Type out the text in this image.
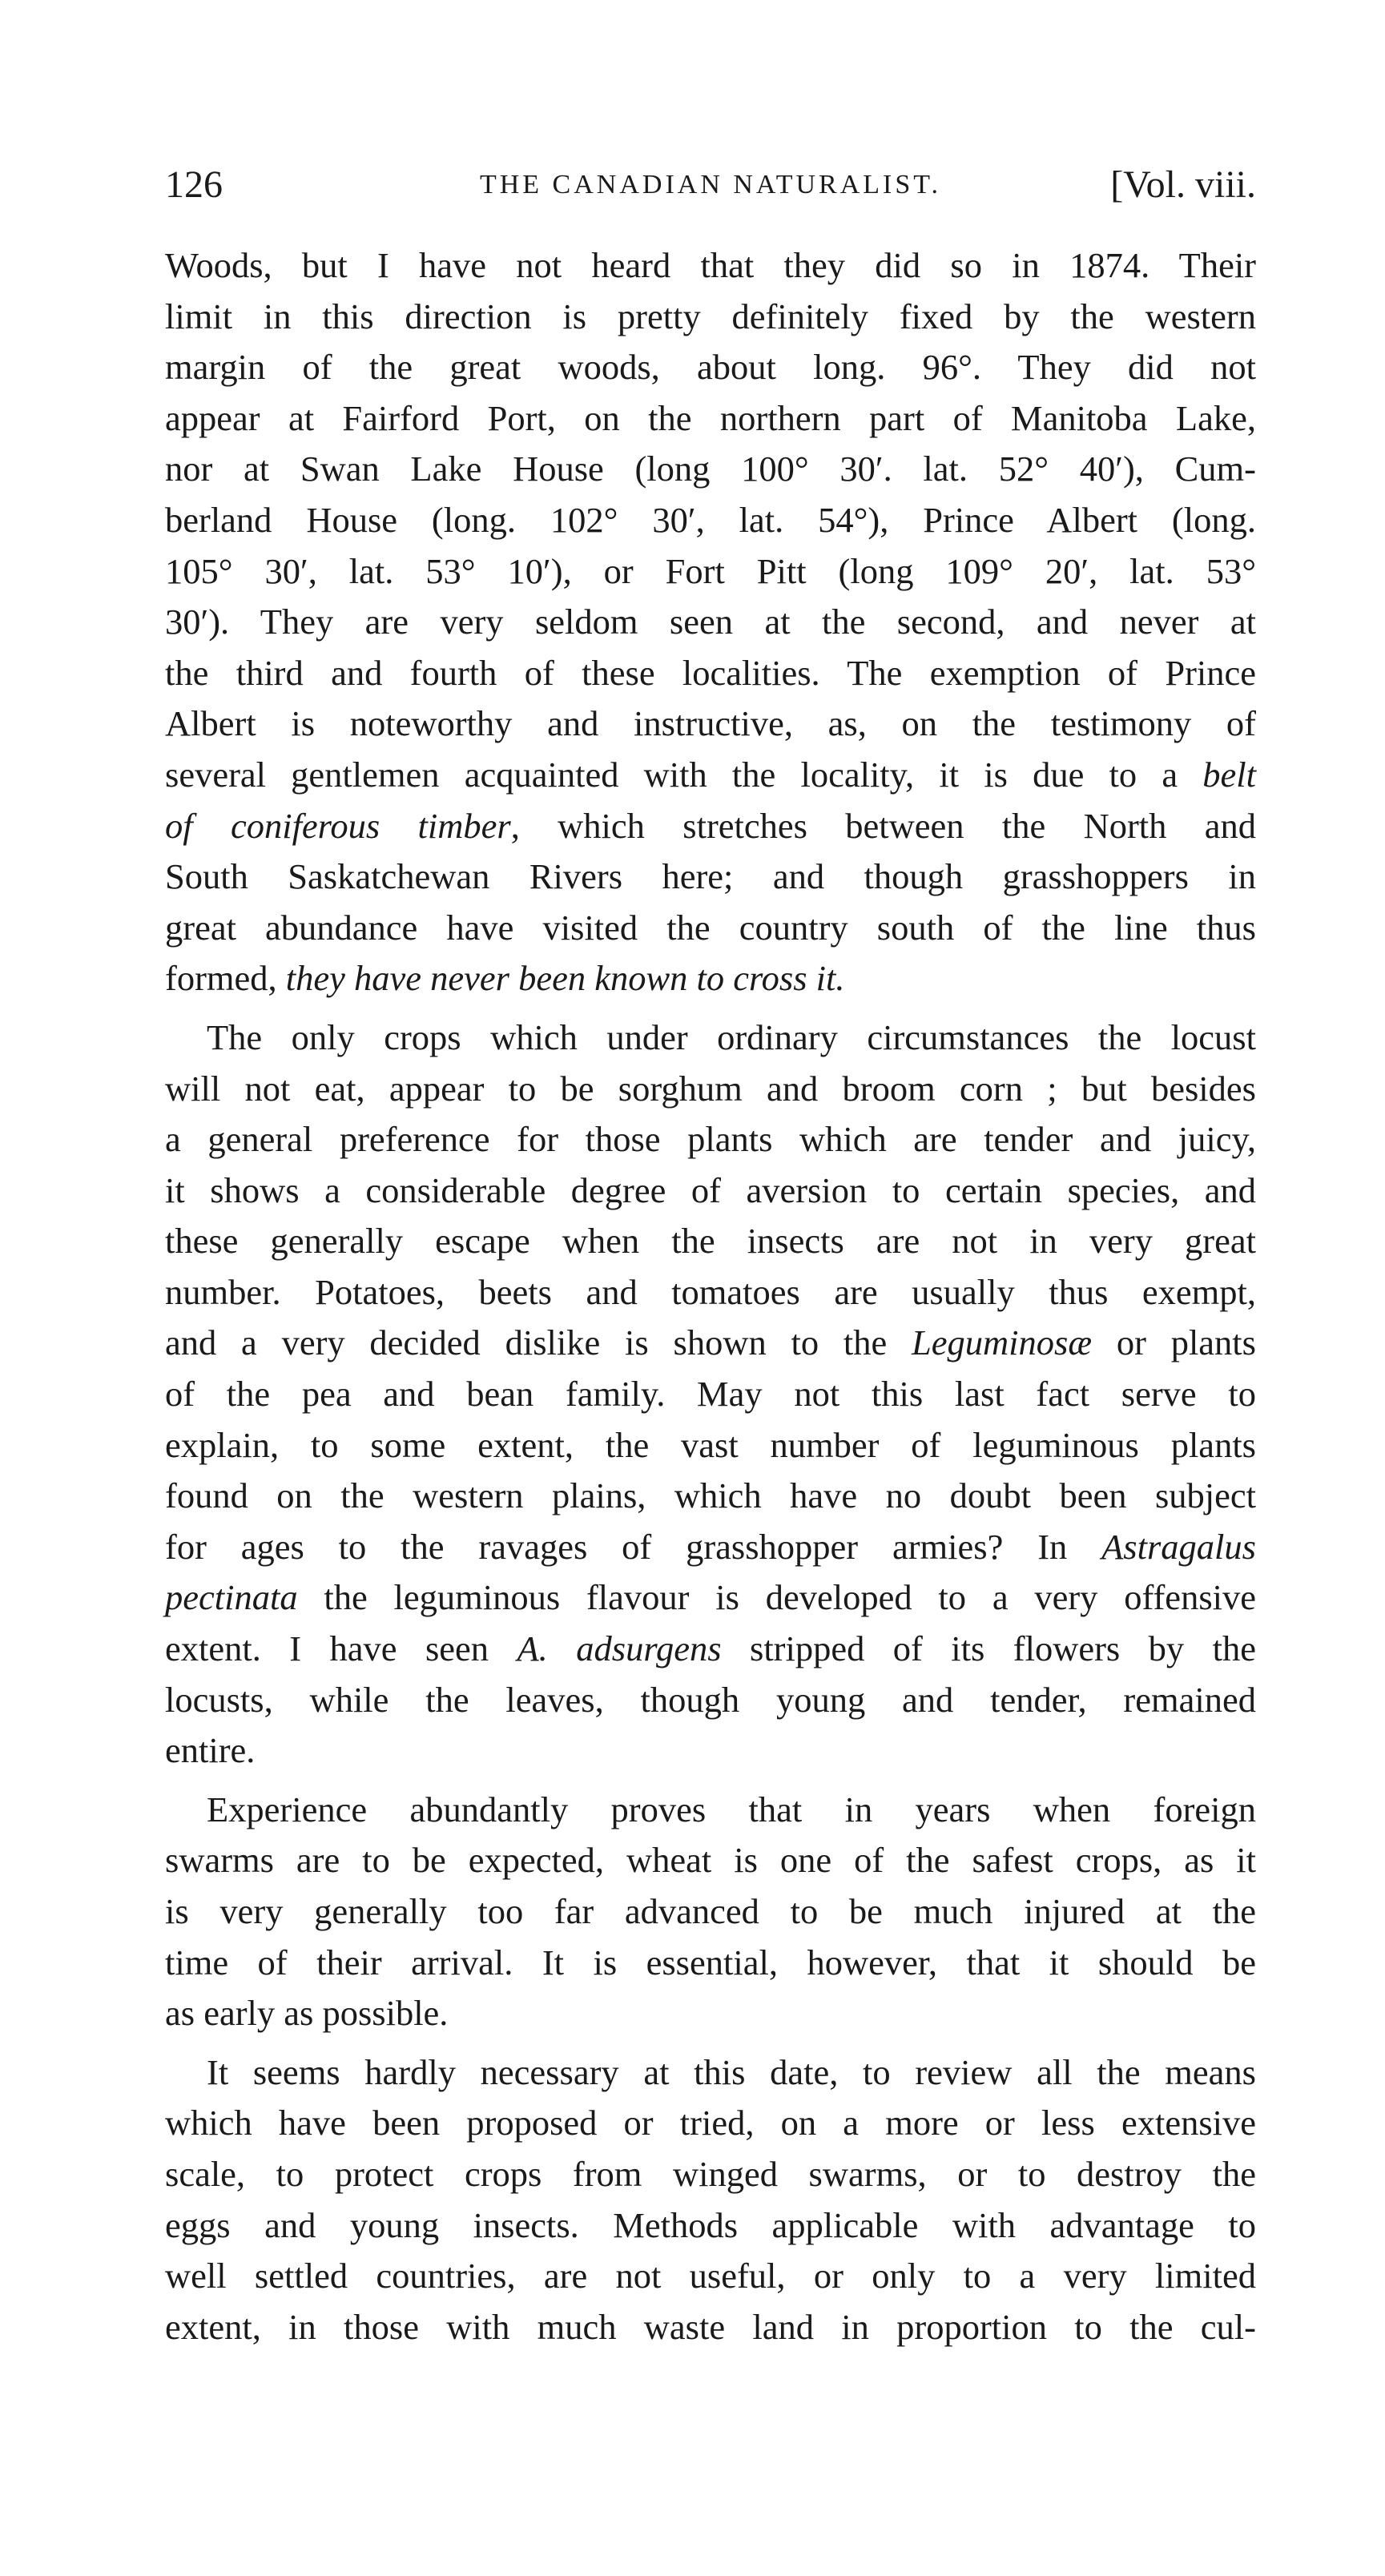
126	THE CANADIAN NATURALIST.	[Vol. viii.

Woods, but I have not heard that they did so in 1874. Their
limit in this direction is pretty definitely fixed by the western
margin of the great woods, about long. 96°. They did not
appear at Fairford Port, on the northern part of Manitoba Lake,
nor at Swan Lake House (long 100° 30′. lat. 52° 40′), Cum-
berland House (long. 102° 30′, lat. 54°), Prince Albert (long.
105° 30′, lat. 53° 10′), or Fort Pitt (long 109° 20′, lat. 53°
30′). They are very seldom seen at the second, and never at
the third and fourth of these localities. The exemption of Prince
Albert is noteworthy and instructive, as, on the testimony of
several gentlemen acquainted with the locality, it is due to a belt
of coniferous timber, which stretches between the North and
South Saskatchewan Rivers here; and though grasshoppers in
great abundance have visited the country south of the line thus
formed, they have never been known to cross it.

The only crops which under ordinary circumstances the locust
will not eat, appear to be sorghum and broom corn ; but besides
a general preference for those plants which are tender and juicy,
it shows a considerable degree of aversion to certain species, and
these generally escape when the insects are not in very great
number. Potatoes, beets and tomatoes are usually thus exempt,
and a very decided dislike is shown to the Leguminosæ or plants
of the pea and bean family. May not this last fact serve to
explain, to some extent, the vast number of leguminous plants
found on the western plains, which have no doubt been subject
for ages to the ravages of grasshopper armies? In Astragalus
pectinata the leguminous flavour is developed to a very offensive
extent. I have seen A. adsurgens stripped of its flowers by the
locusts, while the leaves, though young and tender, remained
entire.

Experience abundantly proves that in years when foreign
swarms are to be expected, wheat is one of the safest crops, as it
is very generally too far advanced to be much injured at the
time of their arrival. It is essential, however, that it should be
as early as possible.

It seems hardly necessary at this date, to review all the means
which have been proposed or tried, on a more or less extensive
scale, to protect crops from winged swarms, or to destroy the
eggs and young insects. Methods applicable with advantage to
well settled countries, are not useful, or only to a very limited
extent, in those with much waste land in proportion to the cul-
